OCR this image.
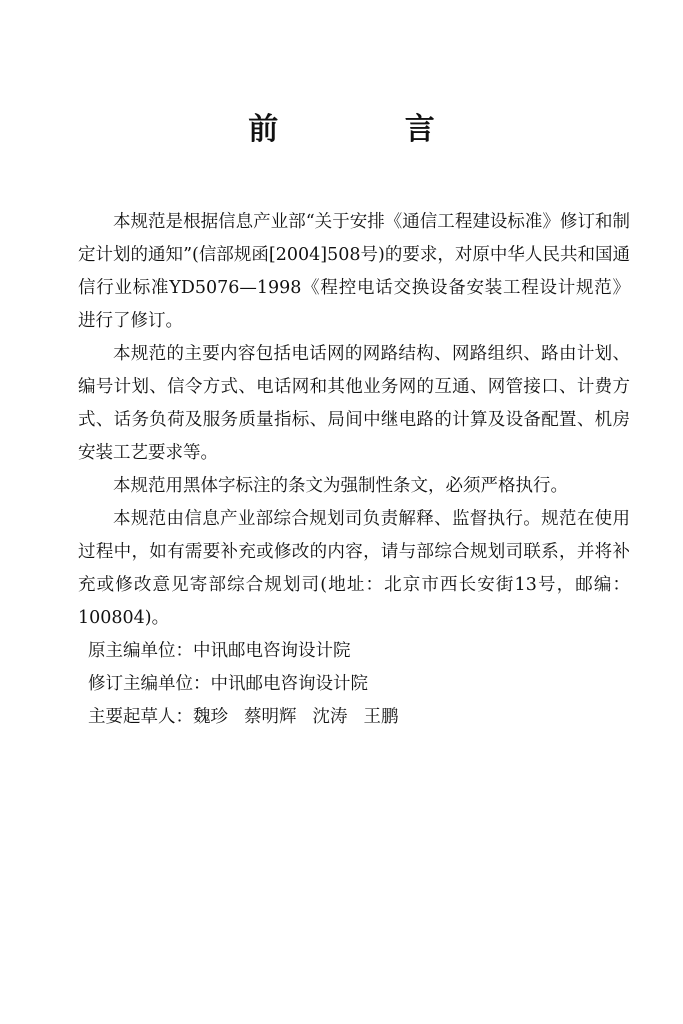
前 言

本规范是根据信息产业部“关于安排《通信工程建设标准》修订和制定计划的通知”(信部规函[2004]508号)的要求，对原中华人民共和国通信行业标准YD5076—1998《程控电话交换设备安装工程设计规范》进行了修订。

本规范的主要内容包括电话网的网路结构、网路组织、路由计划、编号计划、信令方式、电话网和其他业务网的互通、网管接口、计费方式、话务负荷及服务质量指标、局间中继电路的计算及设备配置、机房安装工艺要求等。

本规范用黑体字标注的条文为强制性条文，必须严格执行。

本规范由信息产业部综合规划司负责解释、监督执行。规范在使用过程中，如有需要补充或修改的内容，请与部综合规划司联系，并将补充或修改意见寄部综合规划司(地址：北京市西长安街13号，邮编：100804)。

原主编单位：中讯邮电咨询设计院

修订主编单位：中讯邮电咨询设计院

主要起草人：魏珍 蔡明辉 沈涛 王鹏
